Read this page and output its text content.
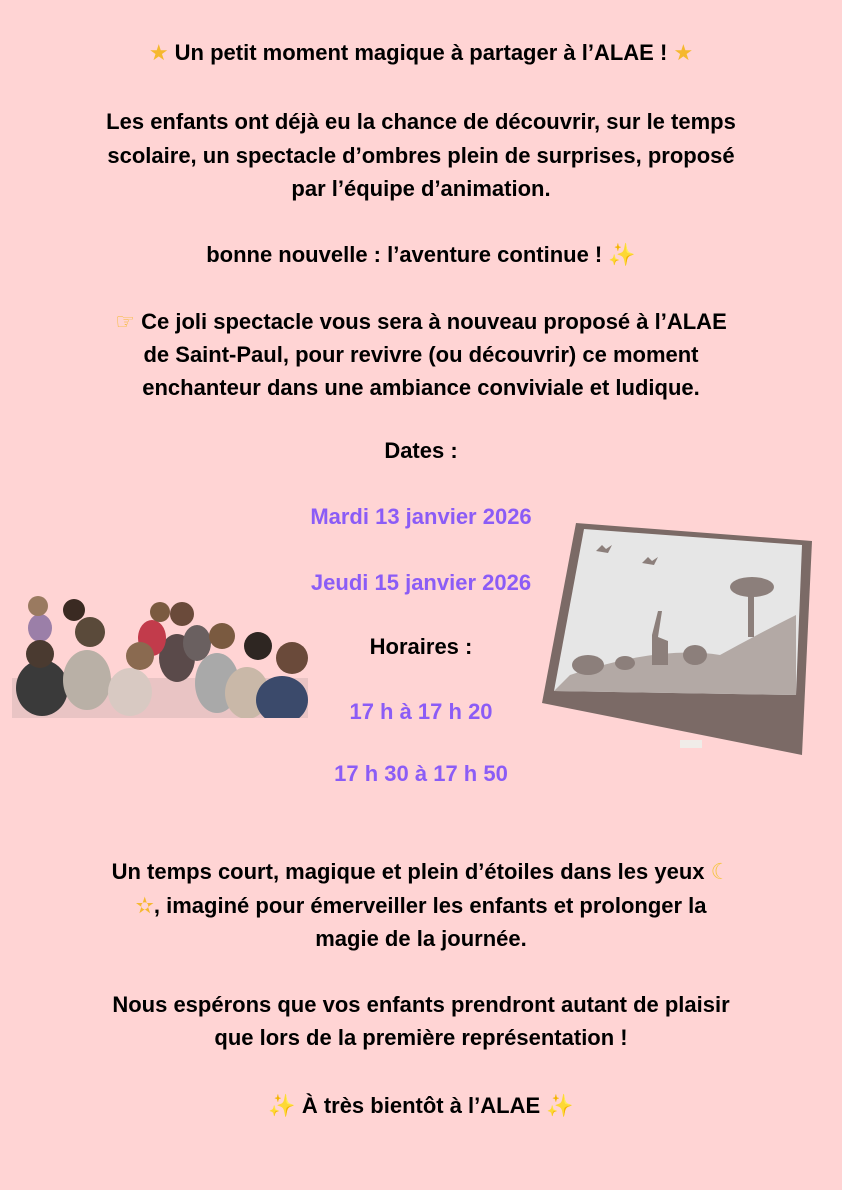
★ Un petit moment magique à partager à l’ALAE ! ★
Les enfants ont déjà eu la chance de découvrir, sur le temps
scolaire, un spectacle d’ombres plein de surprises, proposé
par l’équipe d’animation.
bonne nouvelle : l’aventure continue ! ✨
☞ Ce joli spectacle vous sera à nouveau proposé à l’ALAE
de Saint-Paul, pour revivre (ou découvrir) ce moment
enchanteur dans une ambiance conviviale et ludique.
Dates :
Mardi 13 janvier 2026
Jeudi 15 janvier 2026
Horaires :
17 h à 17 h 20
17 h 30 à 17 h 50
Un temps court, magique et plein d’étoiles dans les yeux ☾
✫, imaginé pour émerveiller les enfants et prolonger la
magie de la journée.
Nous espérons que vos enfants prendront autant de plaisir
que lors de la première représentation !
✨ À très bientôt à l’ALAE ✨
